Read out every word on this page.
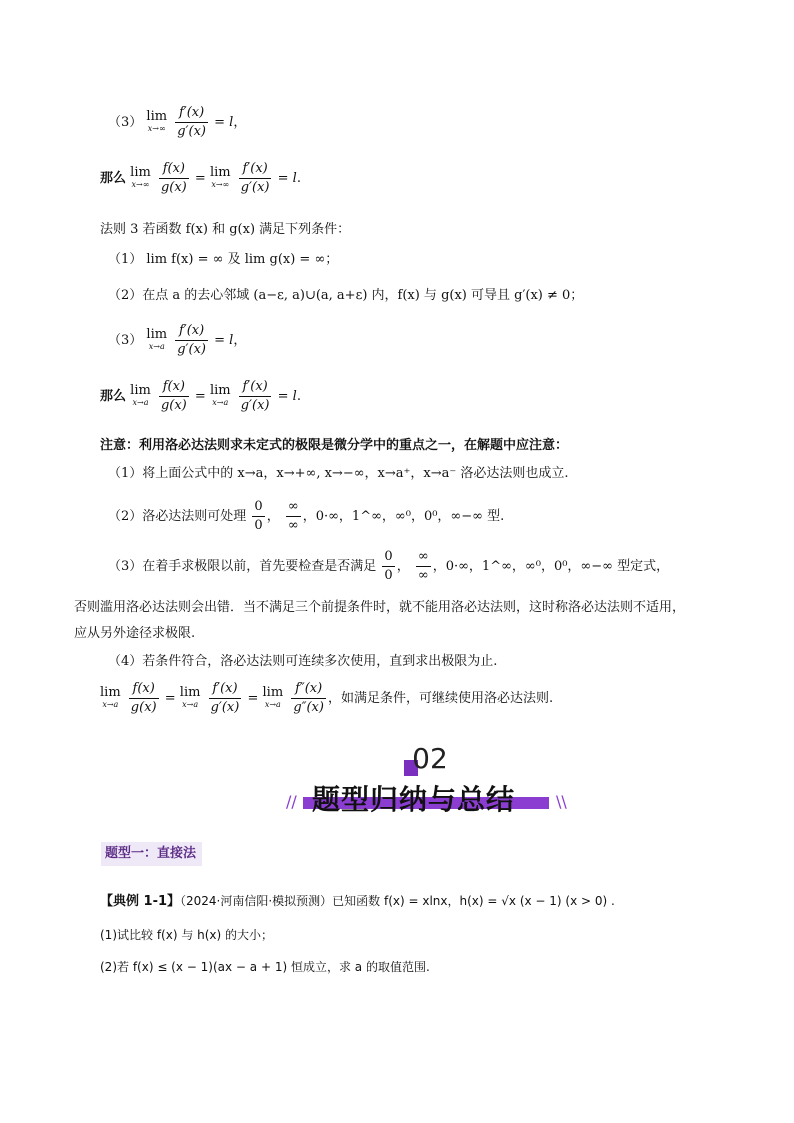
（3） lim
x→∞
$\frac{f'(x)}{g'(x)} = l$，
那么 lim
x→∞
$\frac{f(x)}{g(x)} = \lim$
x→∞
$\frac{f'(x)}{g'(x)} = l$.
法则 3 若函数 f(x) 和 g(x) 满足下列条件：
（1） lim f(x) = ∞ 及 lim g(x) = ∞；
（2）在点 a 的去心邻域 (a−ε, a)∪(a, a+ε) 内，f(x) 与 g(x) 可导且 g′(x) ≠ 0；
（3） lim
x→a
$\frac{f'(x)}{g'(x)} = l$，
那么 lim
x→a
$\frac{f(x)}{g(x)} = \lim$
x→a
$\frac{f'(x)}{g'(x)} = l$.
注意：利用洛必达法则求未定式的极限是微分学中的重点之一，在解题中应注意：
（1）将上面公式中的 x→a，x→+∞, x→−∞，x→a⁺，x→a⁻ 洛必达法则也成立.
（2）洛必达法则可处理 $\frac{0}{0}$ ， $\frac{\infty}{\infty}$ ，0·∞，1^∞，∞⁰，0⁰，∞−∞ 型.
（3）在着手求极限以前，首先要检查是否满足 $\frac{0}{0}$ ， $\frac{\infty}{\infty}$ ，0·∞，1^∞，∞⁰，0⁰，∞−∞ 型定式，
否则滥用洛必达法则会出错．当不满足三个前提条件时，就不能用洛必达法则，这时称洛必达法则不适用，
应从另外途径求极限.
（4）若条件符合，洛必达法则可连续多次使用，直到求出极限为止.
lim
x→a
$\frac{f(x)}{g(x)} = \lim$
x→a
$\frac{f'(x)}{g'(x)} = \lim$
x→a
$\frac{f''(x)}{g''(x)}$ ，如满足条件，可继续使用洛必达法则.
02
// 题型归纳与总结	\\
题型一：直接法
【典例 1-1】（2024·河南信阳·模拟预测）已知函数 f(x) = xlnx，h(x) = √x (x − 1) (x > 0) .
(1)试比较 f(x) 与 h(x) 的大小；
(2)若 f(x) ≤ (x − 1)(ax − a + 1) 恒成立，求 a 的取值范围.
